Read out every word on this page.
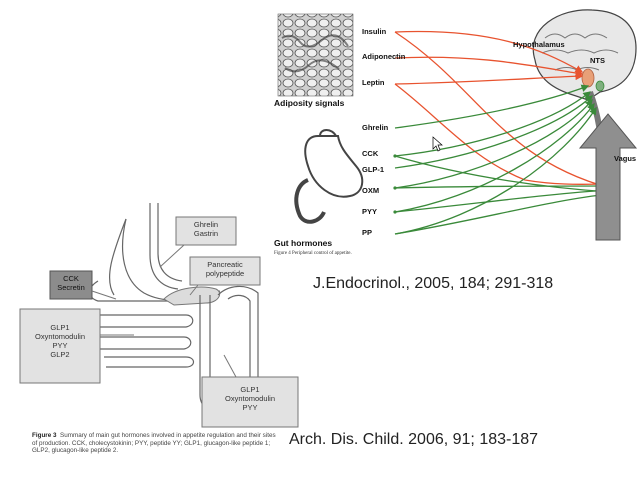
Adiposity signals
Gut hormones
Figure 4 Peripheral control of appetite.
Insulin
Adiponectin
Leptin
Ghrelin
CCK
GLP-1
OXM
PYY
PP
Hypothalamus
NTS
Vagus
Ghrelin
Gastrin
Pancreatic
polypeptide
CCK
Secretin
GLP1
Oxyntomodulin
PYY
GLP2
GLP1
Oxyntomodulin
PYY
Figure 3 Summary of main gut hormones involved in appetite regulation and their sites of production. CCK, cholecystokinin; PYY, peptide YY; GLP1, glucagon-like peptide 1; GLP2, glucagon-like peptide 2.
J.Endocrinol., 2005, 184; 291-318
Arch. Dis. Child. 2006, 91; 183-187
